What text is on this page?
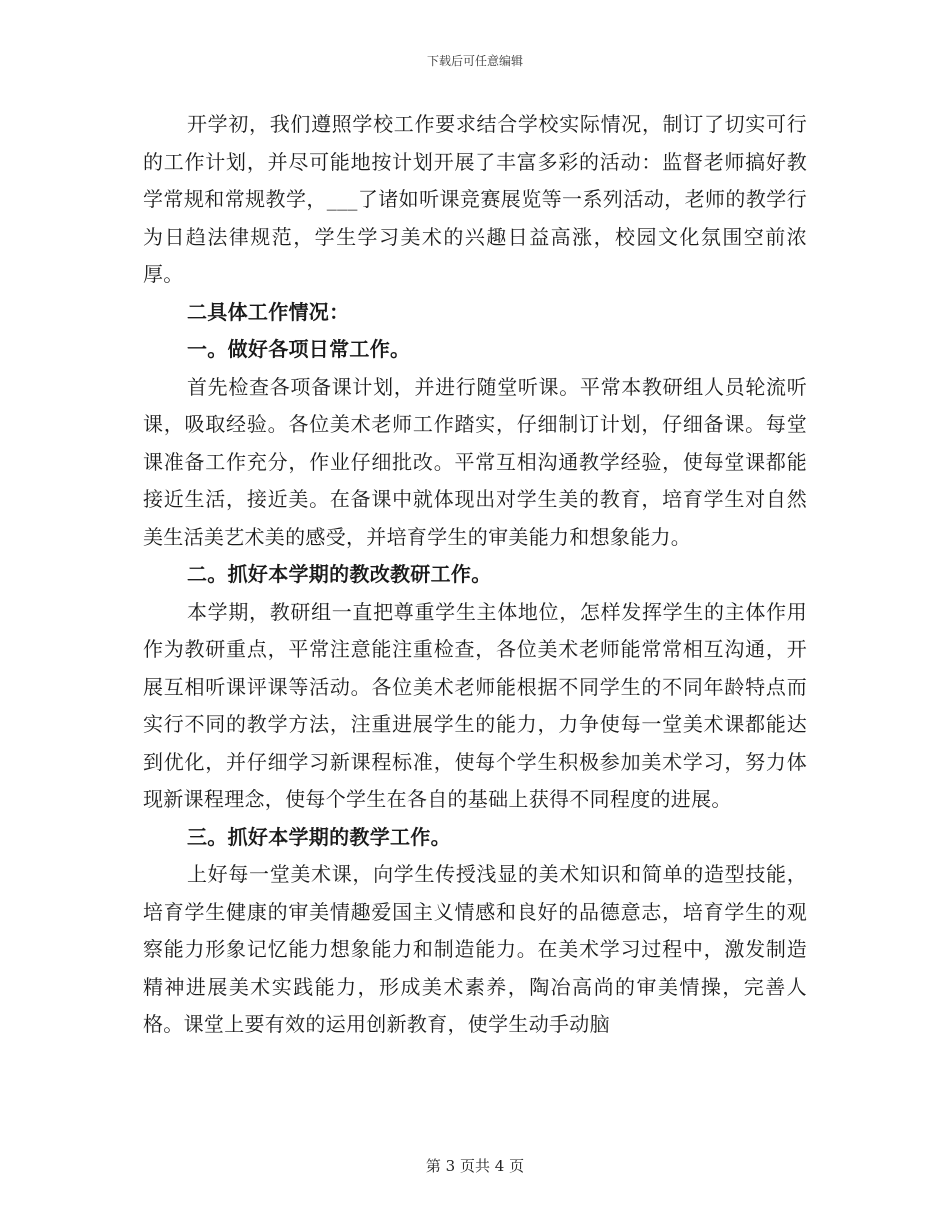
下载后可任意编辑

开学初，我们遵照学校工作要求结合学校实际情况，制订了切实可行的工作计划，并尽可能地按计划开展了丰富多彩的活动：监督老师搞好教学常规和常规教学，___了诸如听课竞赛展览等一系列活动，老师的教学行为日趋法律规范，学生学习美术的兴趣日益高涨，校园文化氛围空前浓厚。

二具体工作情况：

一。做好各项日常工作。

首先检查各项备课计划，并进行随堂听课。平常本教研组人员轮流听课，吸取经验。各位美术老师工作踏实，仔细制订计划，仔细备课。每堂课准备工作充分，作业仔细批改。平常互相沟通教学经验，使每堂课都能接近生活，接近美。在备课中就体现出对学生美的教育，培育学生对自然美生活美艺术美的感受，并培育学生的审美能力和想象能力。

二。抓好本学期的教改教研工作。

本学期，教研组一直把尊重学生主体地位，怎样发挥学生的主体作用作为教研重点，平常注意能注重检查，各位美术老师能常常相互沟通，开展互相听课评课等活动。各位美术老师能根据不同学生的不同年龄特点而实行不同的教学方法，注重进展学生的能力，力争使每一堂美术课都能达到优化，并仔细学习新课程标准，使每个学生积极参加美术学习，努力体现新课程理念，使每个学生在各自的基础上获得不同程度的进展。

三。抓好本学期的教学工作。

上好每一堂美术课，向学生传授浅显的美术知识和简单的造型技能，培育学生健康的审美情趣爱国主义情感和良好的品德意志，培育学生的观察能力形象记忆能力想象能力和制造能力。在美术学习过程中，激发制造精神进展美术实践能力，形成美术素养，陶冶高尚的审美情操，完善人格。课堂上要有效的运用创新教育，使学生动手动脑

第 3 页共 4 页
